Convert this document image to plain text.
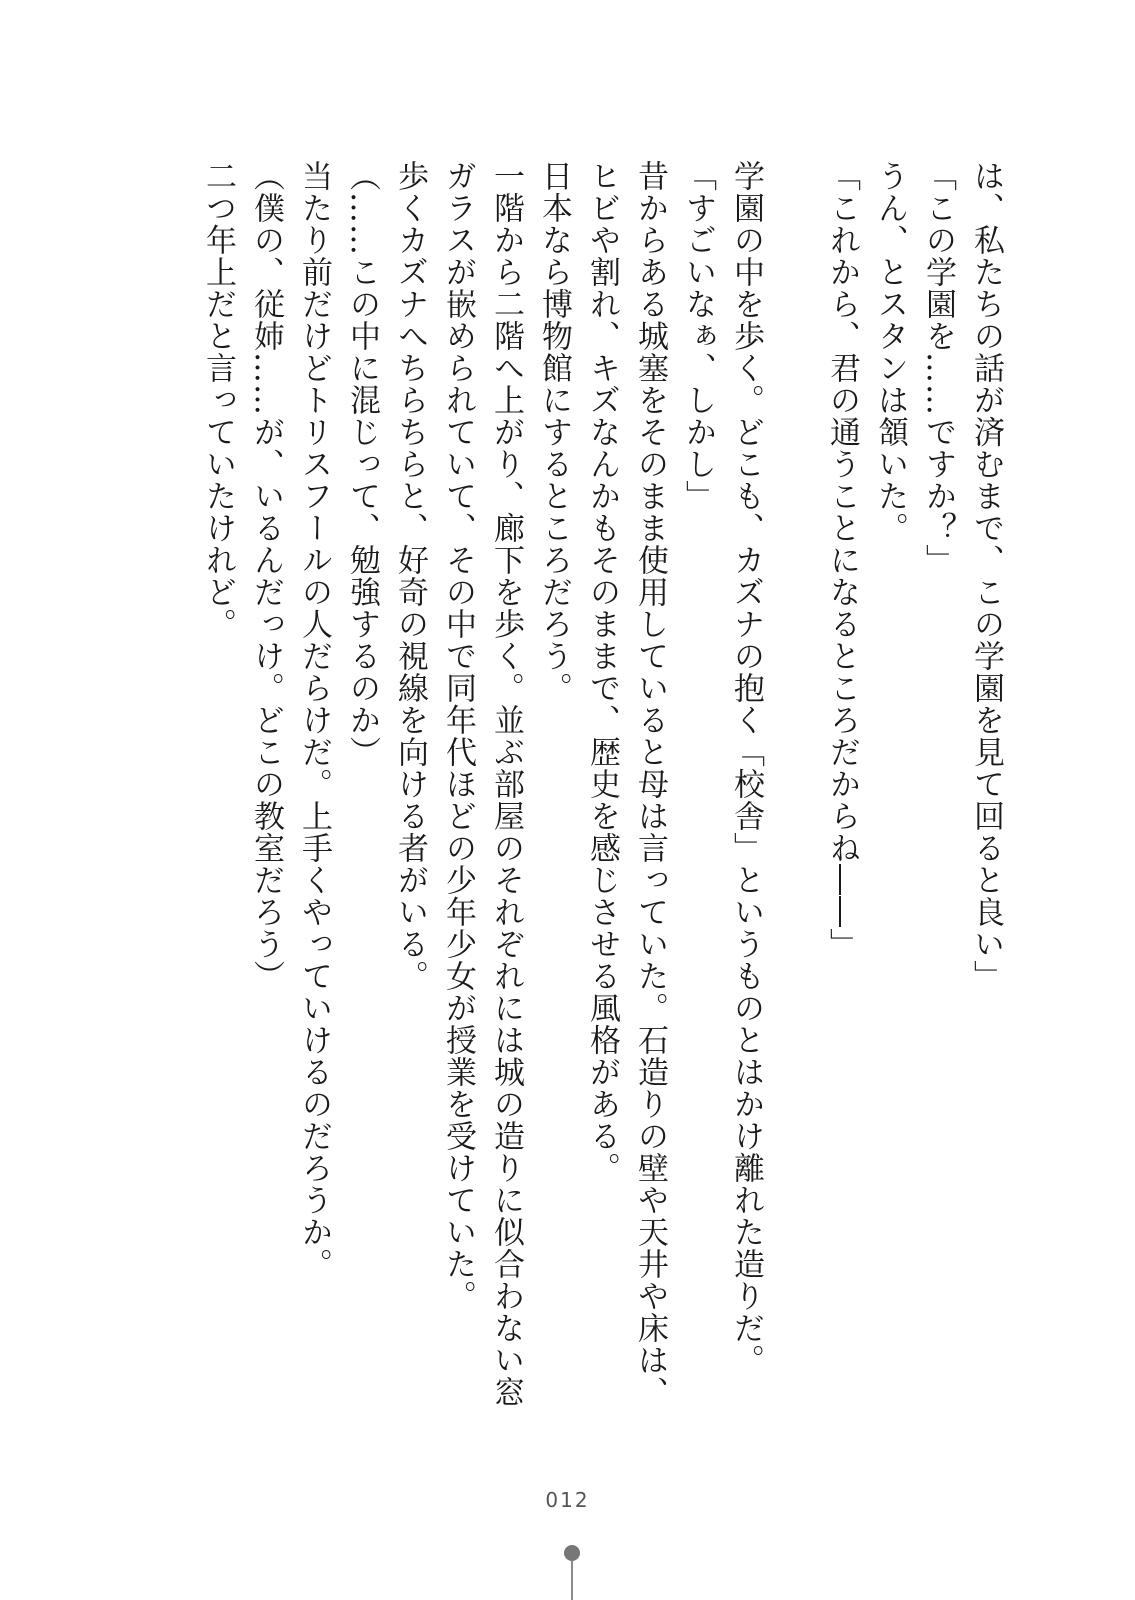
は、私たちの話が済むまで、この学園を見て回ると良い」

「この学園を……ですか？」

うん、とスタンは頷いた。

「これから、君の通うことになるところだからね――」

学園の中を歩く。どこも、カズナの抱く「校舎」というものとはかけ離れた造りだ。

「すごいなぁ、しかし」

昔からある城塞をそのまま使用していると母は言っていた。石造りの壁や天井や床は、

ヒビや割れ、キズなんかもそのままで、歴史を感じさせる風格がある。

日本なら博物館にするところだろう。

一階から二階へ上がり、廊下を歩く。並ぶ部屋のそれぞれには城の造りに似合わない窓

ガラスが嵌められていて、その中で同年代ほどの少年少女が授業を受けていた。

歩くカズナへちらちらと、好奇の視線を向ける者がいる。

（……この中に混じって、勉強するのか）

当たり前だけどトリスフールの人だらけだ。上手くやっていけるのだろうか。

（僕の、従姉……が、いるんだっけ。どこの教室だろう）

二つ年上だと言っていたけれど。

012
